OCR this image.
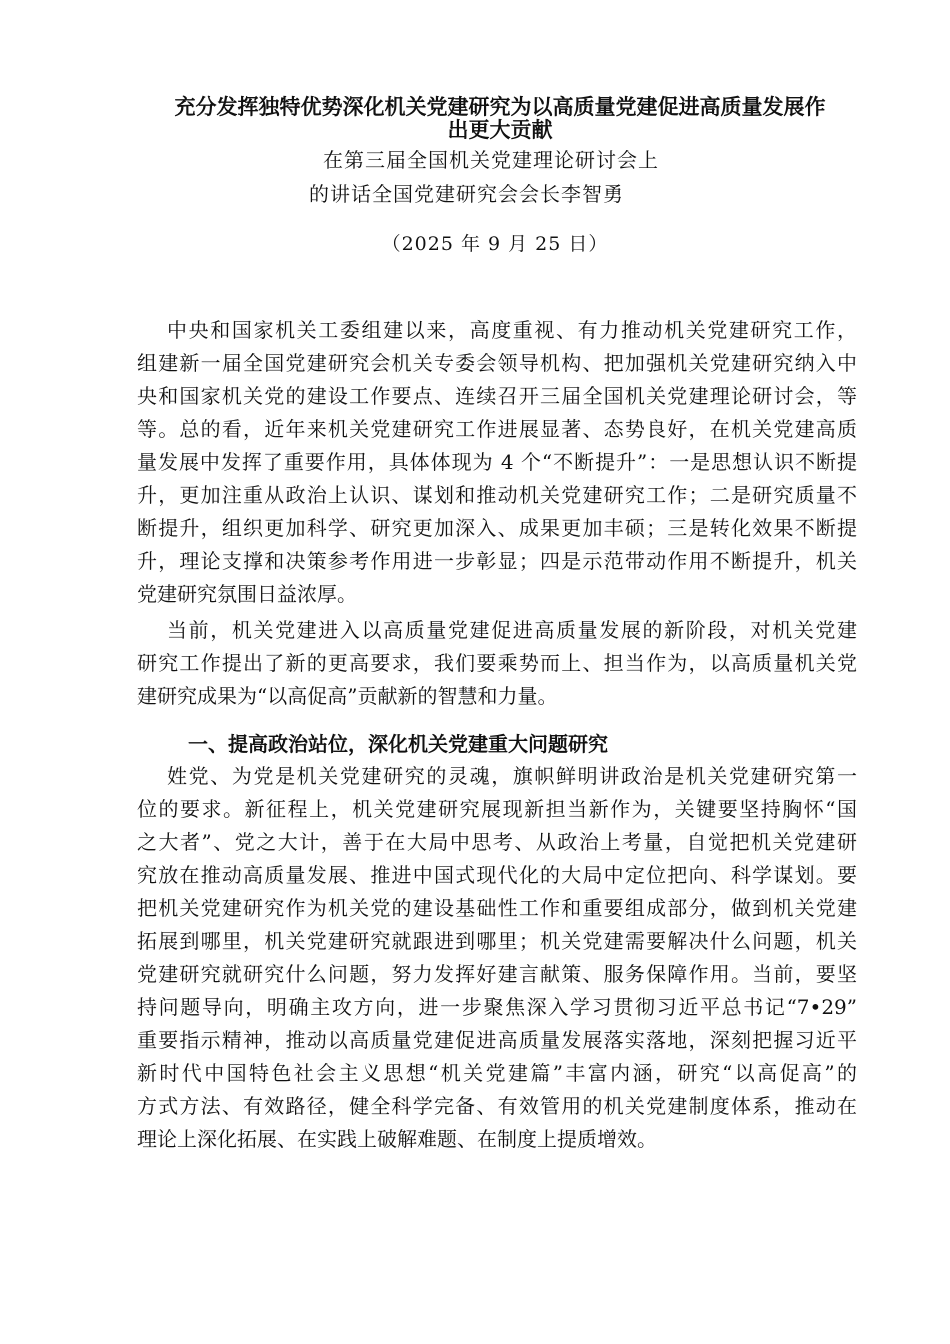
充分发挥独特优势深化机关党建研究为以高质量党建促进高质量发展作
出更大贡献
在第三届全国机关党建理论研讨会上
的讲话全国党建研究会会长李智勇
（2025 年 9 月 25 日）
中央和国家机关工委组建以来，高度重视、有力推动机关党建研究工作，
组建新一届全国党建研究会机关专委会领导机构、把加强机关党建研究纳入中
央和国家机关党的建设工作要点、连续召开三届全国机关党建理论研讨会，等
等。总的看，近年来机关党建研究工作进展显著、态势良好，在机关党建高质
量发展中发挥了重要作用，具体体现为 4 个“不断提升”：一是思想认识不断提
升，更加注重从政治上认识、谋划和推动机关党建研究工作；二是研究质量不
断提升，组织更加科学、研究更加深入、成果更加丰硕；三是转化效果不断提
升，理论支撑和决策参考作用进一步彰显；四是示范带动作用不断提升，机关
党建研究氛围日益浓厚。
当前，机关党建进入以高质量党建促进高质量发展的新阶段，对机关党建
研究工作提出了新的更高要求，我们要乘势而上、担当作为，以高质量机关党
建研究成果为“以高促高”贡献新的智慧和力量。
一、提高政治站位，深化机关党建重大问题研究
姓党、为党是机关党建研究的灵魂，旗帜鲜明讲政治是机关党建研究第一
位的要求。新征程上，机关党建研究展现新担当新作为，关键要坚持胸怀“国
之大者”、党之大计，善于在大局中思考、从政治上考量，自觉把机关党建研
究放在推动高质量发展、推进中国式现代化的大局中定位把向、科学谋划。要
把机关党建研究作为机关党的建设基础性工作和重要组成部分，做到机关党建
拓展到哪里，机关党建研究就跟进到哪里；机关党建需要解决什么问题，机关
党建研究就研究什么问题，努力发挥好建言献策、服务保障作用。当前，要坚
持问题导向，明确主攻方向，进一步聚焦深入学习贯彻习近平总书记“7•29”
重要指示精神，推动以高质量党建促进高质量发展落实落地，深刻把握习近平
新时代中国特色社会主义思想“机关党建篇”丰富内涵，研究“以高促高”的
方式方法、有效路径，健全科学完备、有效管用的机关党建制度体系，推动在
理论上深化拓展、在实践上破解难题、在制度上提质增效。
